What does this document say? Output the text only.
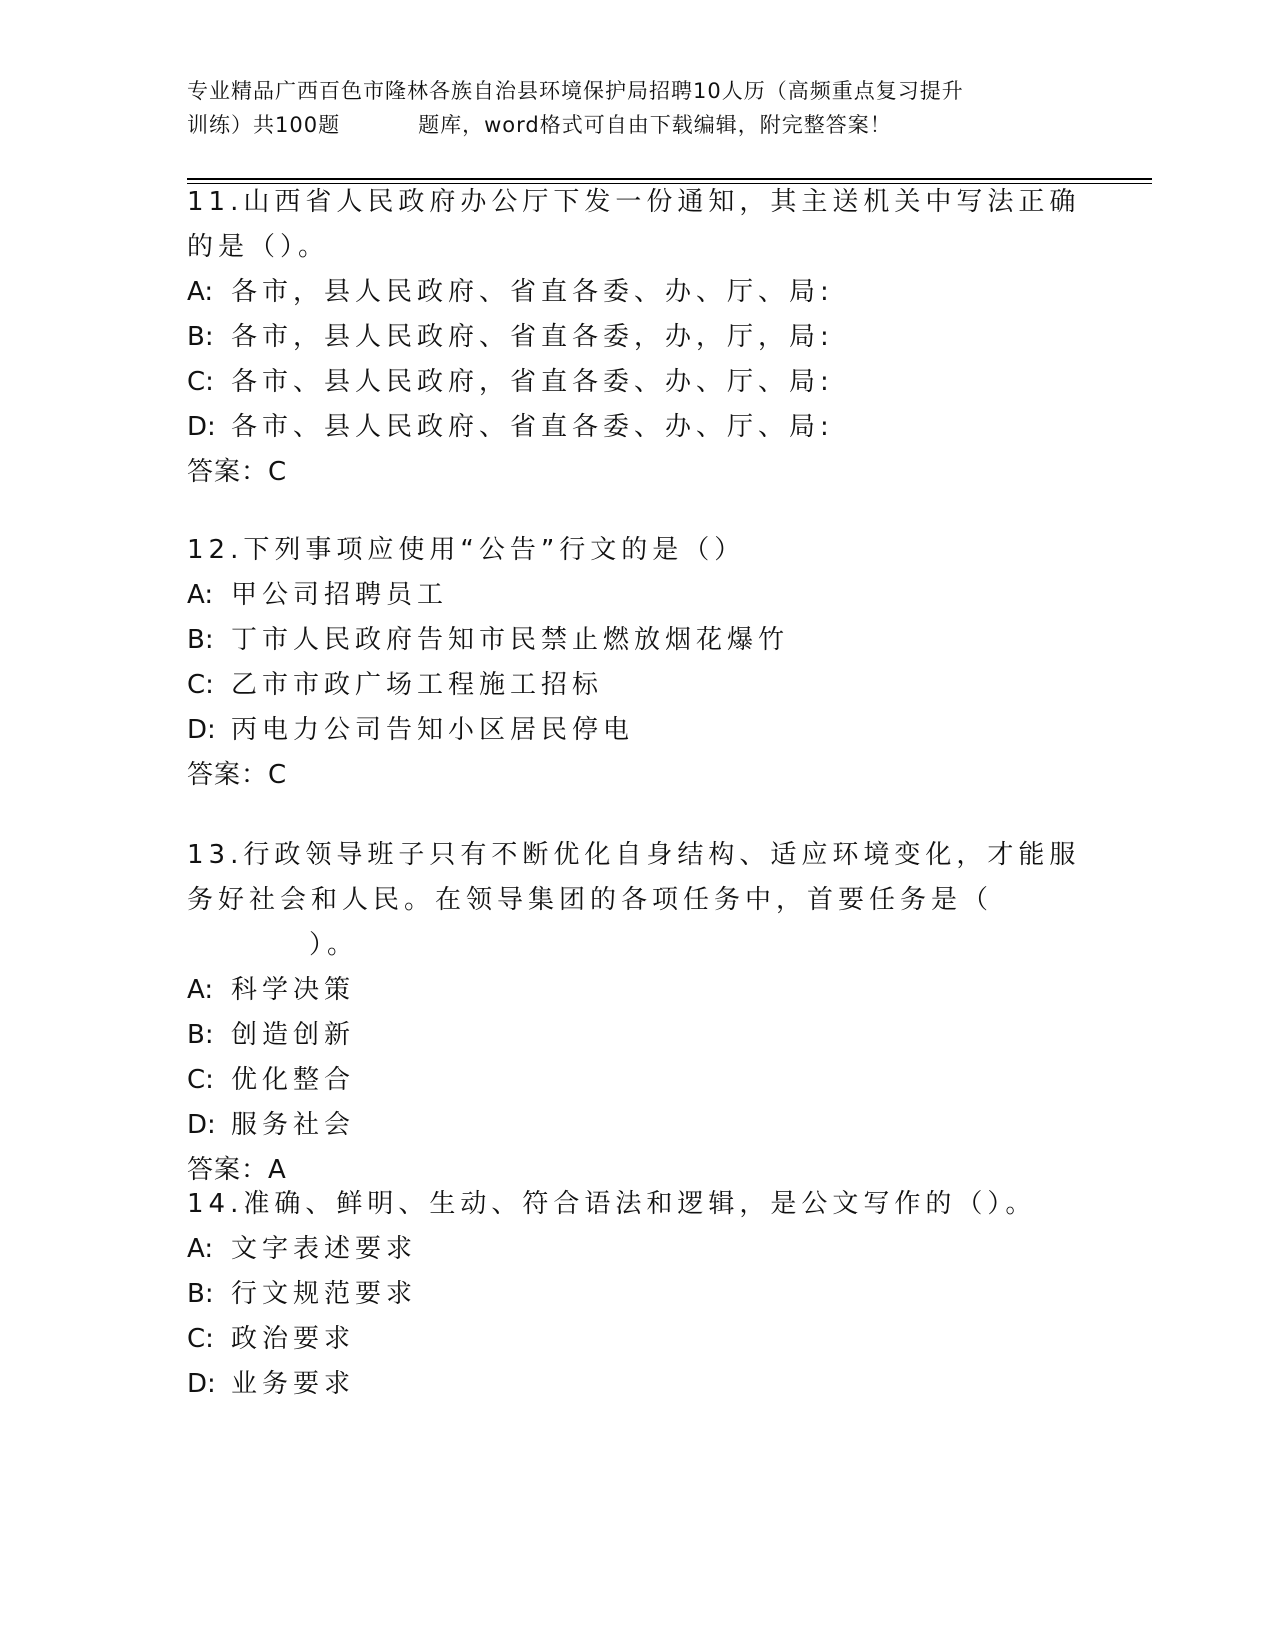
专业精品广西百色市隆林各族自治县环境保护局招聘10人历（高频重点复习提升
训练）共100题	题库，word格式可自由下载编辑，附完整答案！
11.山西省人民政府办公厅下发一份通知，其主送机关中写法正确的是（）。
A: 各市，县人民政府、省直各委、办、厅、局:
B: 各市，县人民政府、省直各委，办，厅，局:
C: 各市、县人民政府，省直各委、办、厅、局:
D: 各市、县人民政府、省直各委、办、厅、局:
答案：C
12.下列事项应使用“公告”行文的是（）
A: 甲公司招聘员工
B: 丁市人民政府告知市民禁止燃放烟花爆竹
C: 乙市市政广场工程施工招标
D: 丙电力公司告知小区居民停电
答案：C
13.行政领导班子只有不断优化自身结构、适应环境变化，才能服务好社会和人民。在领导集团的各项任务中，首要任务是（）。
A: 科学决策
B: 创造创新
C: 优化整合
D: 服务社会
答案：A
14.准确、鲜明、生动、符合语法和逻辑，是公文写作的（）。
A: 文字表述要求
B: 行文规范要求
C: 政治要求
D: 业务要求
